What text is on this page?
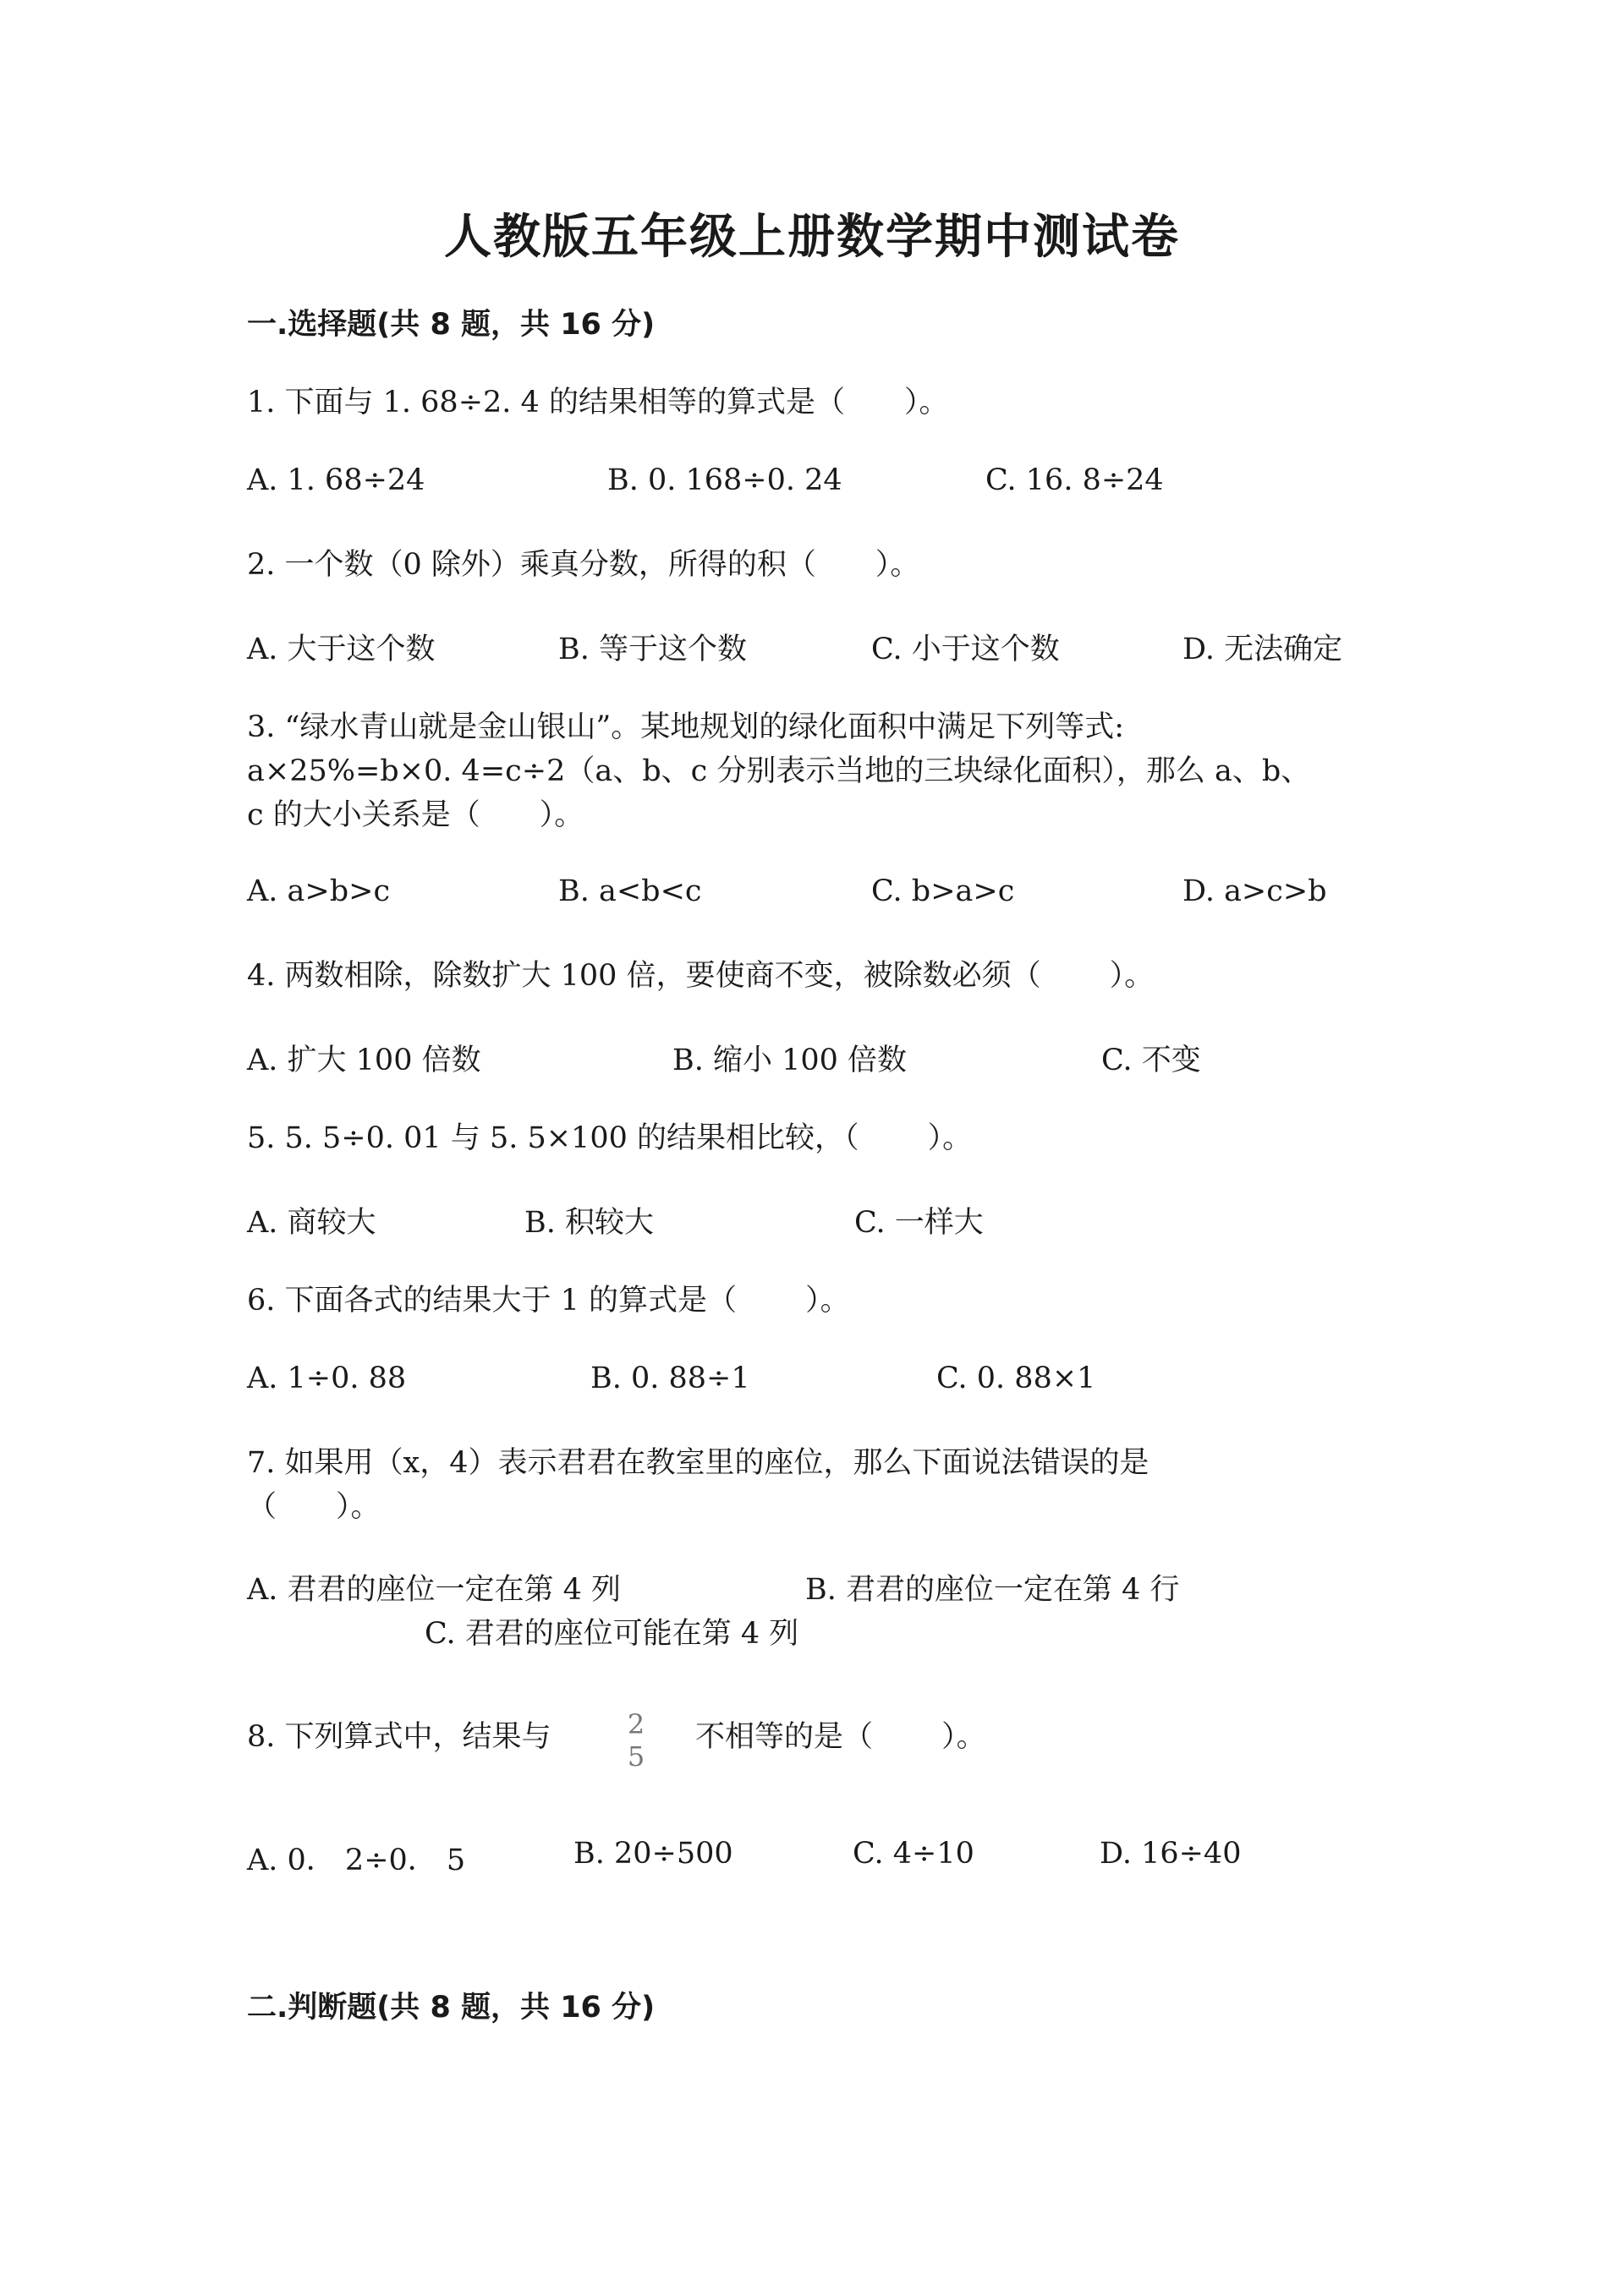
人教版五年级上册数学期中测试卷
一.选择题(共 8 题，共 16 分)
1. 下面与 1. 68÷2. 4 的结果相等的算式是（　　）。
A. 1. 68÷24	B. 0. 168÷0. 24	C. 16. 8÷24
2. 一个数（0 除外）乘真分数，所得的积（　　）。
A. 大于这个数	B. 等于这个数	C. 小于这个数	D. 无法确定
3. “绿水青山就是金山银山”。某地规划的绿化面积中满足下列等式:
a×25%=b×0. 4=c÷2（a、b、c 分别表示当地的三块绿化面积），那么 a、b、
c 的大小关系是（　　）。
A. a>b>c	B. a<b<c	C. b>a>c	D. a>c>b
4. 两数相除，除数扩大 100 倍，要使商不变，被除数必须（　　 ）。
A. 扩大 100 倍数	B. 缩小 100 倍数	C. 不变
5. 5. 5÷0. 01 与 5. 5×100 的结果相比较，（　　 ）。
A. 商较大	B. 积较大	C. 一样大
6. 下面各式的结果大于 1 的算式是（　　 ）。
A. 1÷0. 88	B. 0. 88÷1	C. 0. 88×1
7. 如果用（x，4）表示君君在教室里的座位，那么下面说法错误的是
（　　）。
A. 君君的座位一定在第 4 列	B. 君君的座位一定在第 4 行
C. 君君的座位可能在第 4 列
8. 下列算式中，结果与	2
5
不相等的是（　　 ）。
A. 0． 2÷0． 5	B. 20÷500	C. 4÷10	D. 16÷40
二.判断题(共 8 题，共 16 分)
